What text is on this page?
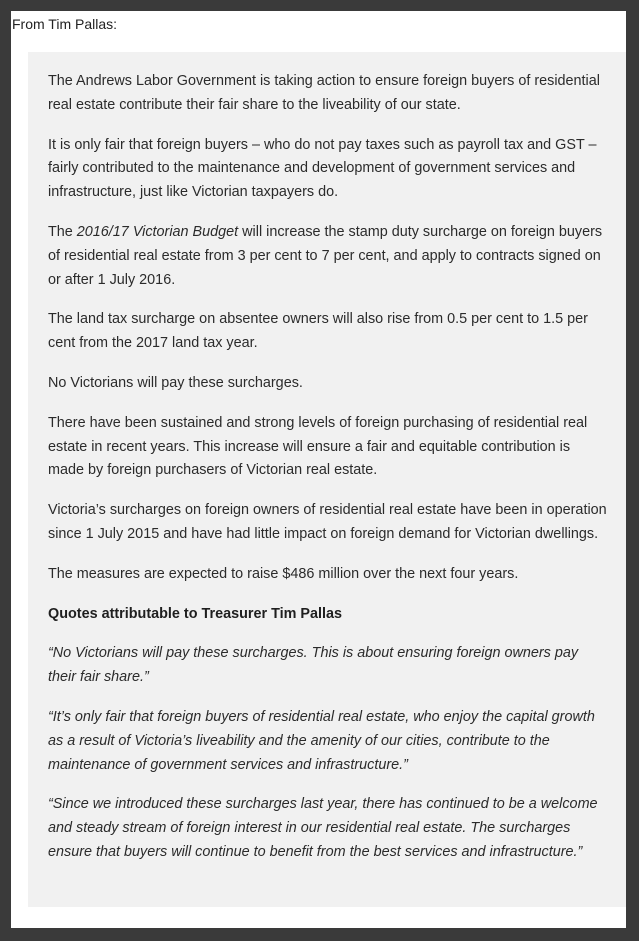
From Tim Pallas:

The Andrews Labor Government is taking action to ensure foreign buyers of residential real estate contribute their fair share to the liveability of our state.

It is only fair that foreign buyers – who do not pay taxes such as payroll tax and GST – fairly contributed to the maintenance and development of government services and infrastructure, just like Victorian taxpayers do.

The 2016/17 Victorian Budget will increase the stamp duty surcharge on foreign buyers of residential real estate from 3 per cent to 7 per cent, and apply to contracts signed on or after 1 July 2016.

The land tax surcharge on absentee owners will also rise from 0.5 per cent to 1.5 per cent from the 2017 land tax year.

No Victorians will pay these surcharges.

There have been sustained and strong levels of foreign purchasing of residential real estate in recent years. This increase will ensure a fair and equitable contribution is made by foreign purchasers of Victorian real estate.

Victoria’s surcharges on foreign owners of residential real estate have been in operation since 1 July 2015 and have had little impact on foreign demand for Victorian dwellings.

The measures are expected to raise $486 million over the next four years.

Quotes attributable to Treasurer Tim Pallas

“No Victorians will pay these surcharges. This is about ensuring foreign owners pay their fair share.”

“It’s only fair that foreign buyers of residential real estate, who enjoy the capital growth as a result of Victoria’s liveability and the amenity of our cities, contribute to the maintenance of government services and infrastructure.”

“Since we introduced these surcharges last year, there has continued to be a welcome and steady stream of foreign interest in our residential real estate. The surcharges ensure that buyers will continue to benefit from the best services and infrastructure.”
